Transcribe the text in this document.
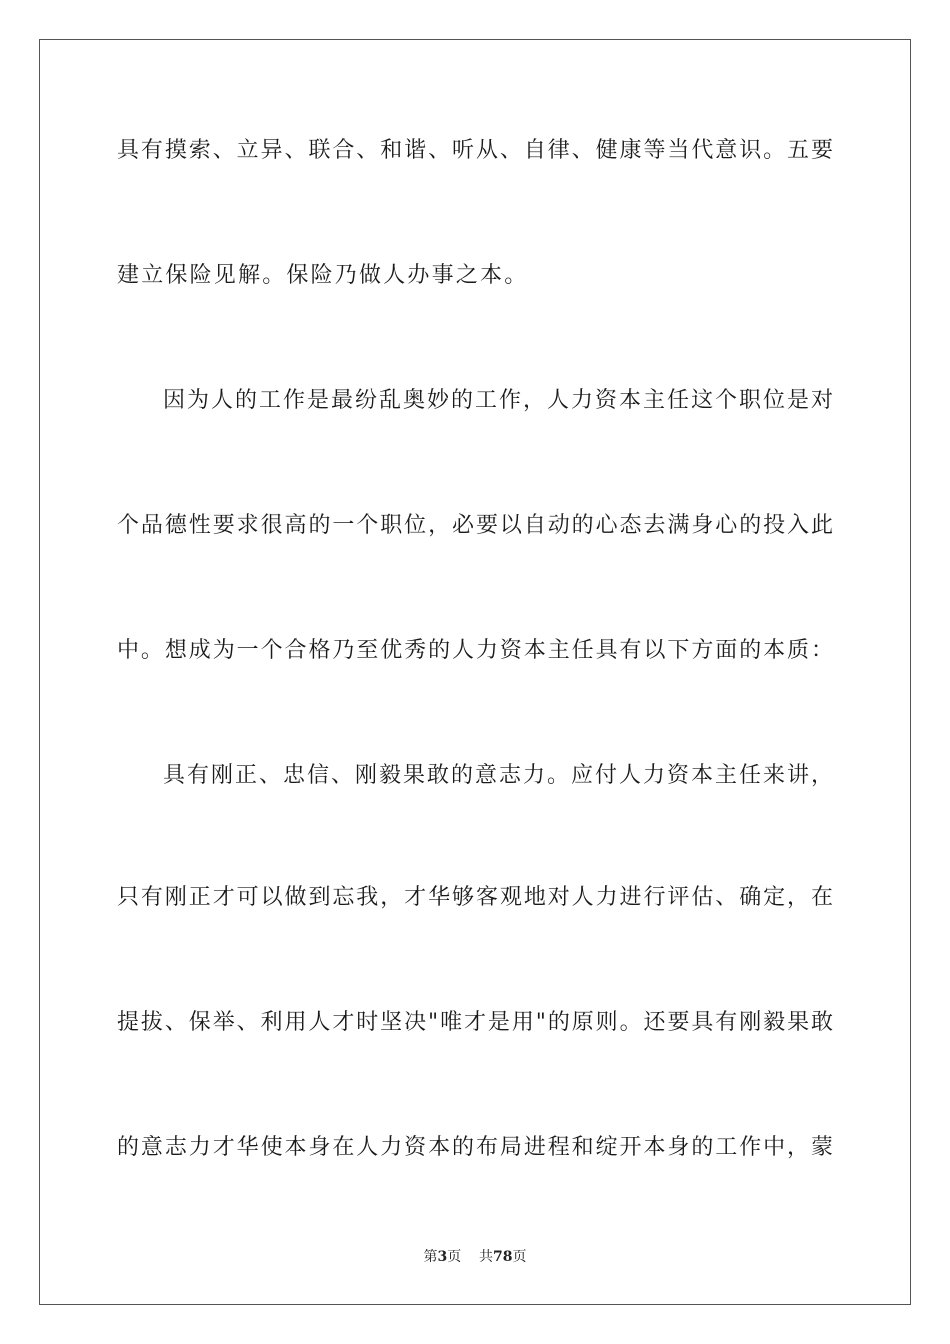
具有摸索、立异、联合、和谐、听从、自律、健康等当代意识。五要
建立保险见解。保险乃做人办事之本。
因为人的工作是最纷乱奥妙的工作，人力资本主任这个职位是对
个品德性要求很高的一个职位，必要以自动的心态去满身心的投入此
中。想成为一个合格乃至优秀的人力资本主任具有以下方面的本质：
具有刚正、忠信、刚毅果敢的意志力。应付人力资本主任来讲，
只有刚正才可以做到忘我，才华够客观地对人力进行评估、确定，在
提拔、保举、利用人才时坚决"唯才是用"的原则。还要具有刚毅果敢
的意志力才华使本身在人力资本的布局进程和绽开本身的工作中，蒙
第3页 共78页
